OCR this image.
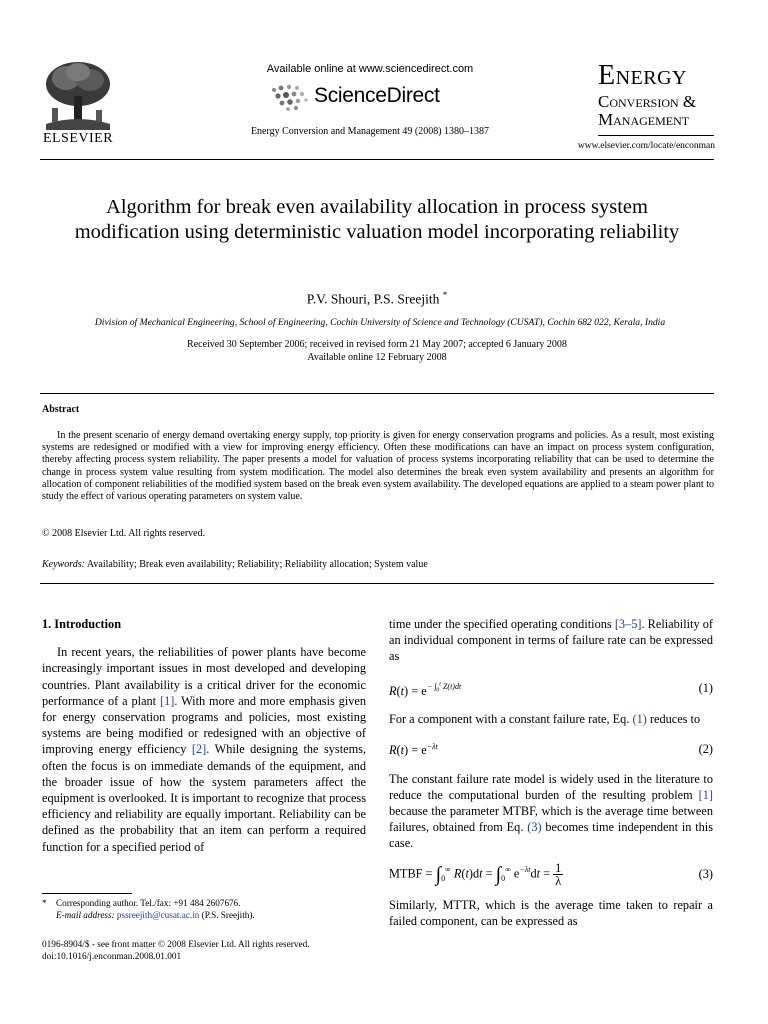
ELSEVIER
Available online at www.sciencedirect.com
ScienceDirect
Energy Conversion and Management 49 (2008) 1380–1387
Energy
Conversion &
Management
www.elsevier.com/locate/enconman
Algorithm for break even availability allocation in process system modification using deterministic valuation model incorporating reliability
P.V. Shouri, P.S. Sreejith *
Division of Mechanical Engineering, School of Engineering, Cochin University of Science and Technology (CUSAT), Cochin 682 022, Kerala, India
Received 30 September 2006; received in revised form 21 May 2007; accepted 6 January 2008
Available online 12 February 2008
Abstract

In the present scenario of energy demand overtaking energy supply, top priority is given for energy conservation programs and policies. As a result, most existing systems are redesigned or modified with a view for improving energy efficiency. Often these modifications can have an impact on process system configuration, thereby affecting process system reliability. The paper presents a model for valuation of process systems incorporating reliability that can be used to determine the change in process system value resulting from system modification. The model also determines the break even system availability and presents an algorithm for allocation of component reliabilities of the modified system based on the break even system availability. The developed equations are applied to a steam power plant to study the effect of various operating parameters on system value.

© 2008 Elsevier Ltd. All rights reserved.
Keywords: Availability; Break even availability; Reliability; Reliability allocation; System value
1. Introduction

In recent years, the reliabilities of power plants have become increasingly important issues in most developed and developing countries. Plant availability is a critical driver for the economic performance of a plant [1]. With more and more emphasis given for energy conservation programs and policies, most existing systems are being modified or redesigned with an objective of improving energy efficiency [2]. While designing the systems, often the focus is on immediate demands of the equipment, and the broader issue of how the system parameters affect the equipment is overlooked. It is important to recognize that process efficiency and reliability are equally important. Reliability can be defined as the probability that an item can perform a required function for a specified period of

time under the specified operating conditions [3–5]. Reliability of an individual component in terms of failure rate can be expressed as

$R(t) = e^{- \int_0^t Z(t)dt}$	(1)

For a component with a constant failure rate, Eq. (1) reduces to

$R(t) = e^{-\lambda t}$	(2)

The constant failure rate model is widely used in the literature to reduce the computational burden of the resulting problem [1] because the parameter MTBF, which is the average time between failures, obtained from Eq. (3) becomes time independent in this case.

MTBF = $\int_0^\infty$ $R(t)dt = \int_0^\infty$ $e^{-\lambda t}dt = \frac{1}{\lambda}$	(3)

Similarly, MTTR, which is the average time taken to repair a failed component, can be expressed as

* Corresponding author. Tel./fax: +91 484 2607676.
E-mail address: pssreejith@cusat.ac.in (P.S. Sreejith).
0196-8904/$ - see front matter © 2008 Elsevier Ltd. All rights reserved.
doi:10.1016/j.enconman.2008.01.001
